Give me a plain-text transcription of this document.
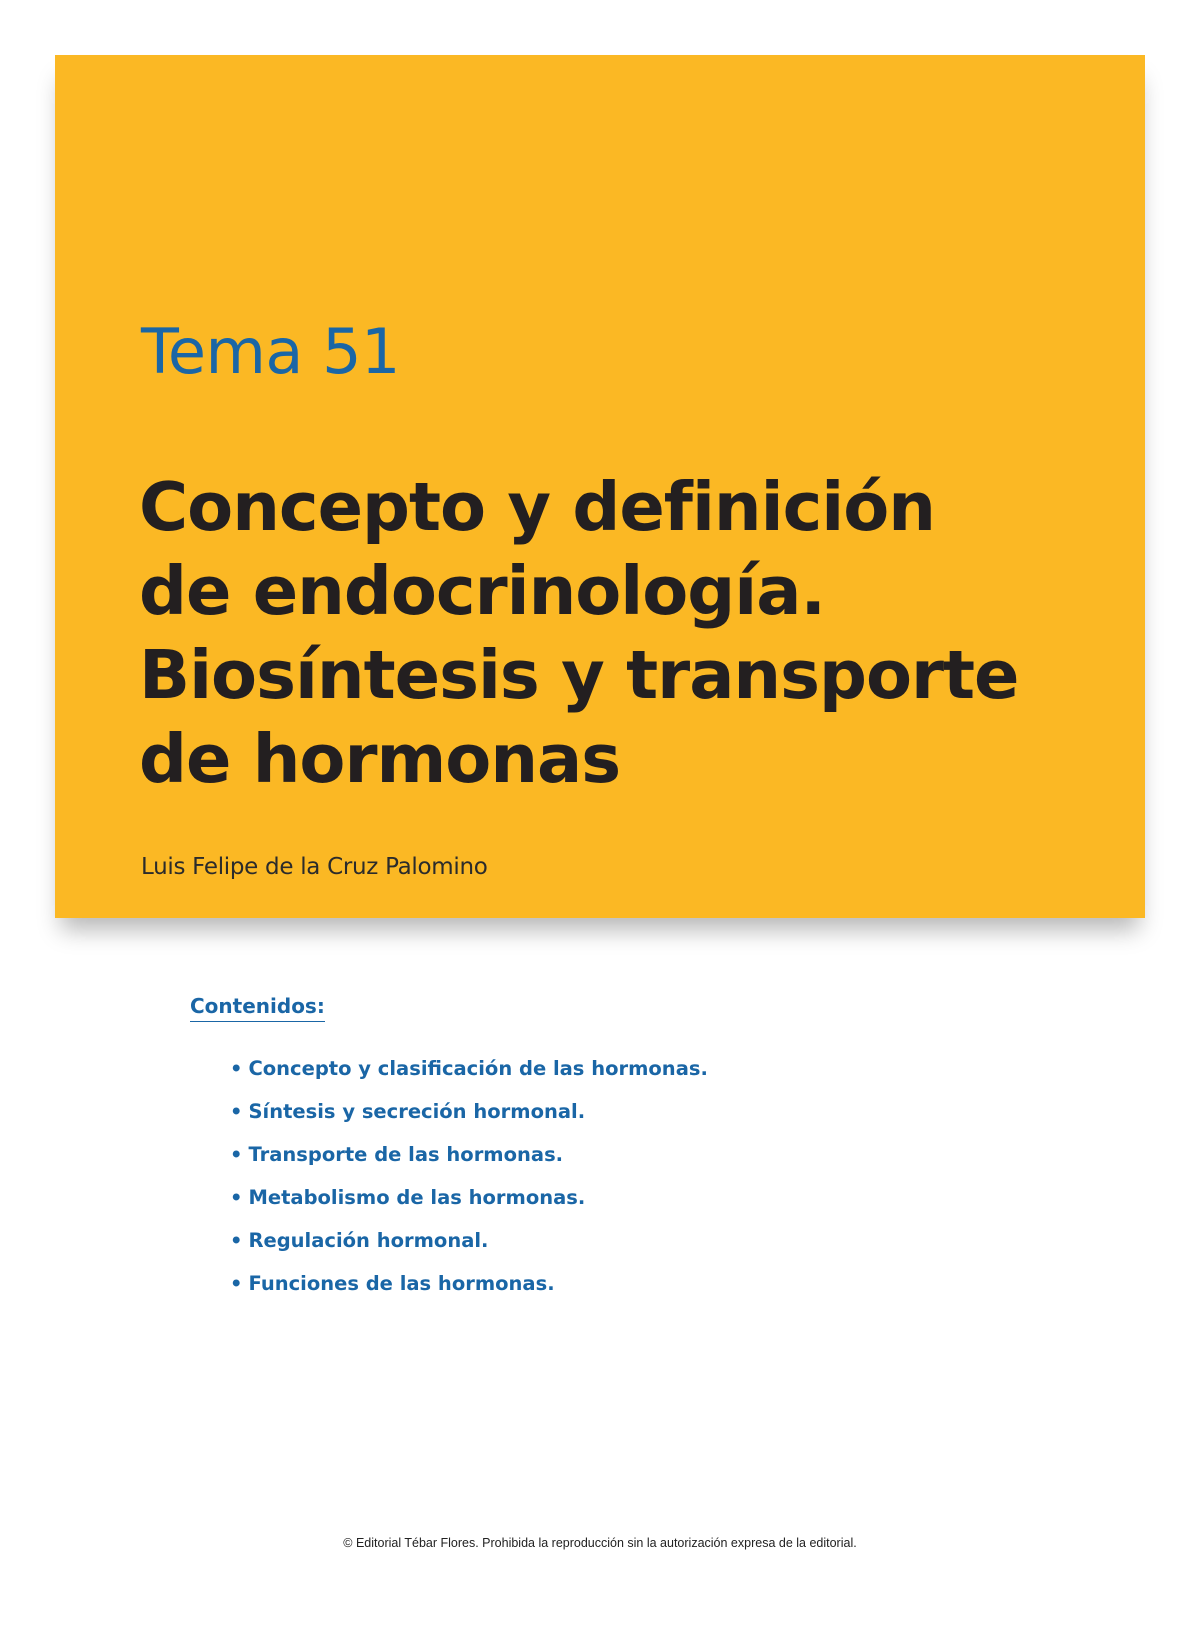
Tema 51
Concepto y definición
de endocrinología.
Biosíntesis y transporte
de hormonas

Luis Felipe de la Cruz Palomino

Contenidos:

• Concepto y clasificación de las hormonas.
• Síntesis y secreción hormonal.
• Transporte de las hormonas.
• Metabolismo de las hormonas.
• Regulación hormonal.
• Funciones de las hormonas.

© Editorial Tébar Flores. Prohibida la reproducción sin la autorización expresa de la editorial.
